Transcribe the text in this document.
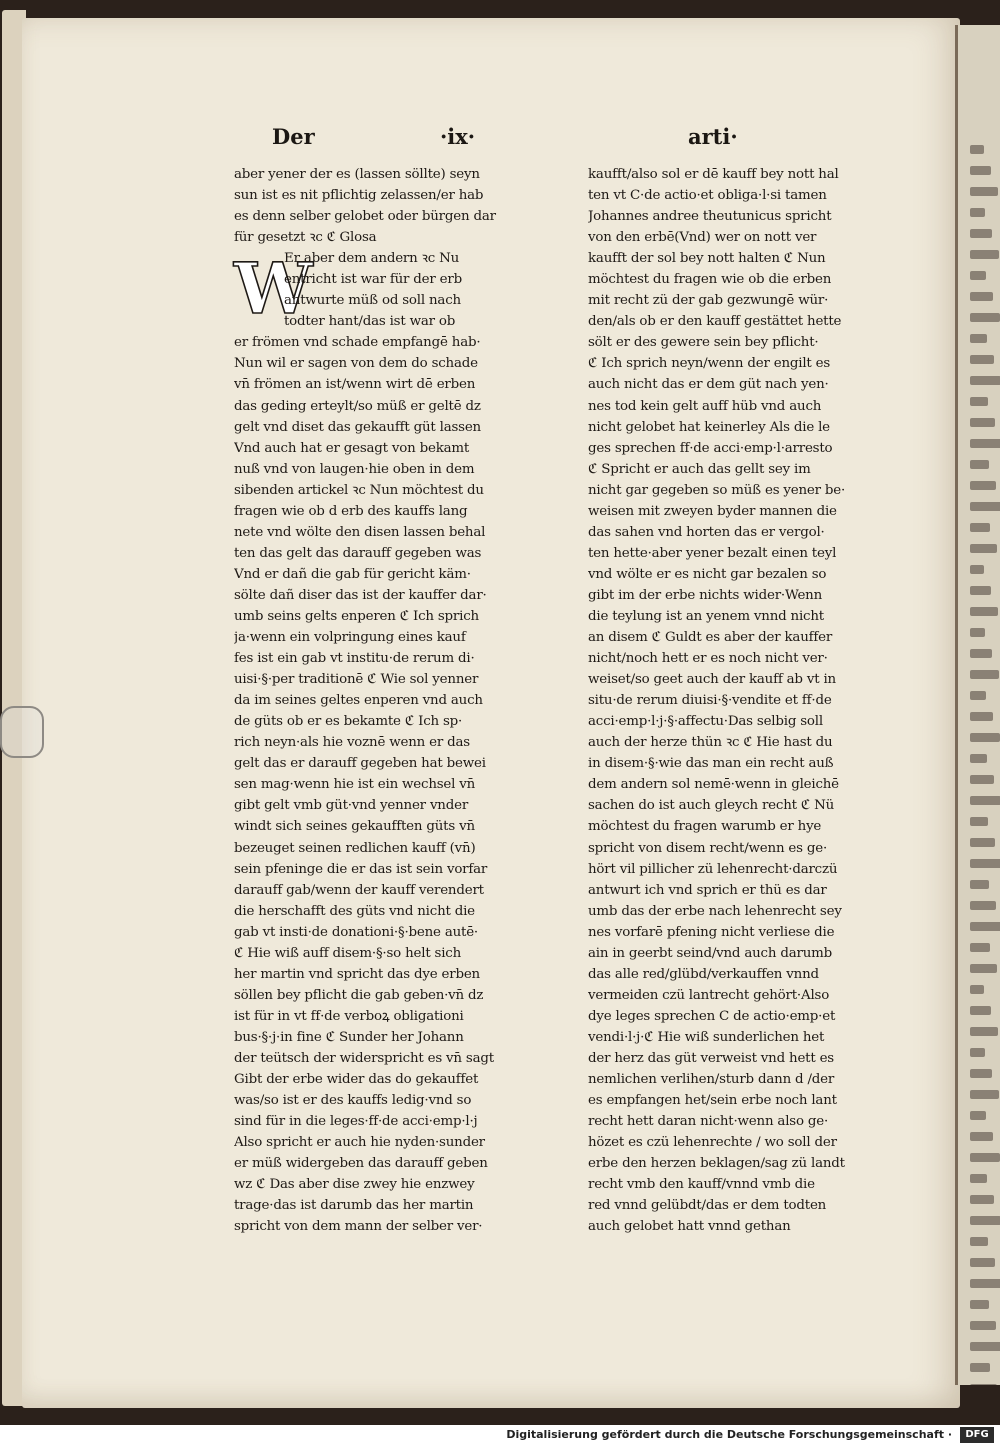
Der	·ix·	arti·
aber yener der es (lassen söllte) seyn
sun ist es nit pflichtig zelassen/er hab
es denn selber gelobet oder bürgen dar
für gesetzt ꝛc ℭ Glosa
W
Er aber dem andern ꝛc Nu
entricht ist war für der erb
antwurte müß od soll nach
todter hant/das ist war ob
er frömen vnd schade empfangē hab·
Nun wil er sagen von dem do schade
vn̄ frömen an ist/wenn wirt dē erben
das geding erteylt/so müß er geltē dz
gelt vnd diset das gekaufft güt lassen
Vnd auch hat er gesagt von bekamt
nuß vnd von laugen·hie oben in dem
sibenden artickel ꝛc Nun möchtest du
fragen wie ob d erb des kauffs lang
nete vnd wölte den disen lassen behal
ten das gelt das darauff gegeben was
Vnd er dañ die gab für gericht käm·
sölte dañ diser das ist der kauffer dar·
umb seins gelts enperen ℭ Ich sprich
ja·wenn ein volpringung eines kauf
fes ist ein gab vt institu·de rerum di·
uisi·§·per traditionē ℭ Wie sol yenner
da im seines geltes enperen vnd auch
de güts ob er es bekamte ℭ Ich sp·
rich neyn·als hie voznē wenn er das
gelt das er darauff gegeben hat bewei
sen mag·wenn hie ist ein wechsel vn̄
gibt gelt vmb güt·vnd yenner vnder
windt sich seines gekaufften güts vn̄
bezeuget seinen redlichen kauff (vn̄)
sein pfeninge die er das ist sein vorfar
darauff gab/wenn der kauff verendert
die herschafft des güts vnd nicht die
gab vt insti·de donationi·§·bene autē·
ℭ Hie wiß auff disem·§·so helt sich
her martin vnd spricht das dye erben
söllen bey pflicht die gab geben·vn̄ dz
ist für in vt ff·de verboꝝ obligationi
bus·§·j·in fine ℭ Sunder her Johann
der teütsch der widerspricht es vn̄ sagt
Gibt der erbe wider das do gekauffet
was/so ist er des kauffs ledig·vnd so
sind für in die leges·ff·de acci·emp·l·j
Also spricht er auch hie nyden·sunder
er müß widergeben das darauff geben
wz ℭ Das aber dise zwey hie enzwey
trage·das ist darumb das her martin
spricht von dem mann der selber ver·
kaufft/also sol er dē kauff bey nott hal
ten vt C·de actio·et obliga·l·si tamen
Johannes andree theutunicus spricht
von den erbē(Vnd) wer on nott ver
kaufft der sol bey nott halten ℭ Nun
möchtest du fragen wie ob die erben
mit recht zü der gab gezwungē wür·
den/als ob er den kauff gestättet hette
sölt er des gewere sein bey pflicht·
ℭ Ich sprich neyn/wenn der engilt es
auch nicht das er dem güt nach yen·
nes tod kein gelt auff hüb vnd auch
nicht gelobet hat keinerley Als die le
ges sprechen ff·de acci·emp·l·arresto
ℭ Spricht er auch das gellt sey im
nicht gar gegeben so müß es yener be·
weisen mit zweyen byder mannen die
das sahen vnd horten das er vergol·
ten hette·aber yener bezalt einen teyl
vnd wölte er es nicht gar bezalen so
gibt im der erbe nichts wider·Wenn
die teylung ist an yenem vnnd nicht
an disem ℭ Guldt es aber der kauffer
nicht/noch hett er es noch nicht ver·
weiset/so geet auch der kauff ab vt in
situ·de rerum diuisi·§·vendite et ff·de
acci·emp·l·j·§·affectu·Das selbig soll
auch der herze thün ꝛc ℭ Hie hast du
in disem·§·wie das man ein recht auß
dem andern sol nemē·wenn in gleichē
sachen do ist auch gleych recht ℭ Nü
möchtest du fragen warumb er hye
spricht von disem recht/wenn es ge·
hört vil pillicher zü lehenrecht·darczü
antwurt ich vnd sprich er thü es dar
umb das der erbe nach lehenrecht sey
nes vorfarē pfening nicht verliese die
ain in geerbt seind/vnd auch darumb
das alle red/glübd/verkauffen vnnd
vermeiden czü lantrecht gehört·Also
dye leges sprechen C de actio·emp·et
vendi·l·j·ℭ Hie wiß sunderlichen het
der herz das güt verweist vnd hett es
nemlichen verlihen/sturb dann d /der
es empfangen het/sein erbe noch lant
recht hett daran nicht·wenn also ge·
hözet es czü lehenrechte / wo soll der
erbe den herzen beklagen/sag zü landt
recht vmb den kauff/vnnd vmb die
red vnnd gelübdt/das er dem todten
auch gelobet hatt vnnd gethan
Digitalisierung gefördert durch die Deutsche Forschungsgemeinschaft ·	DFG
